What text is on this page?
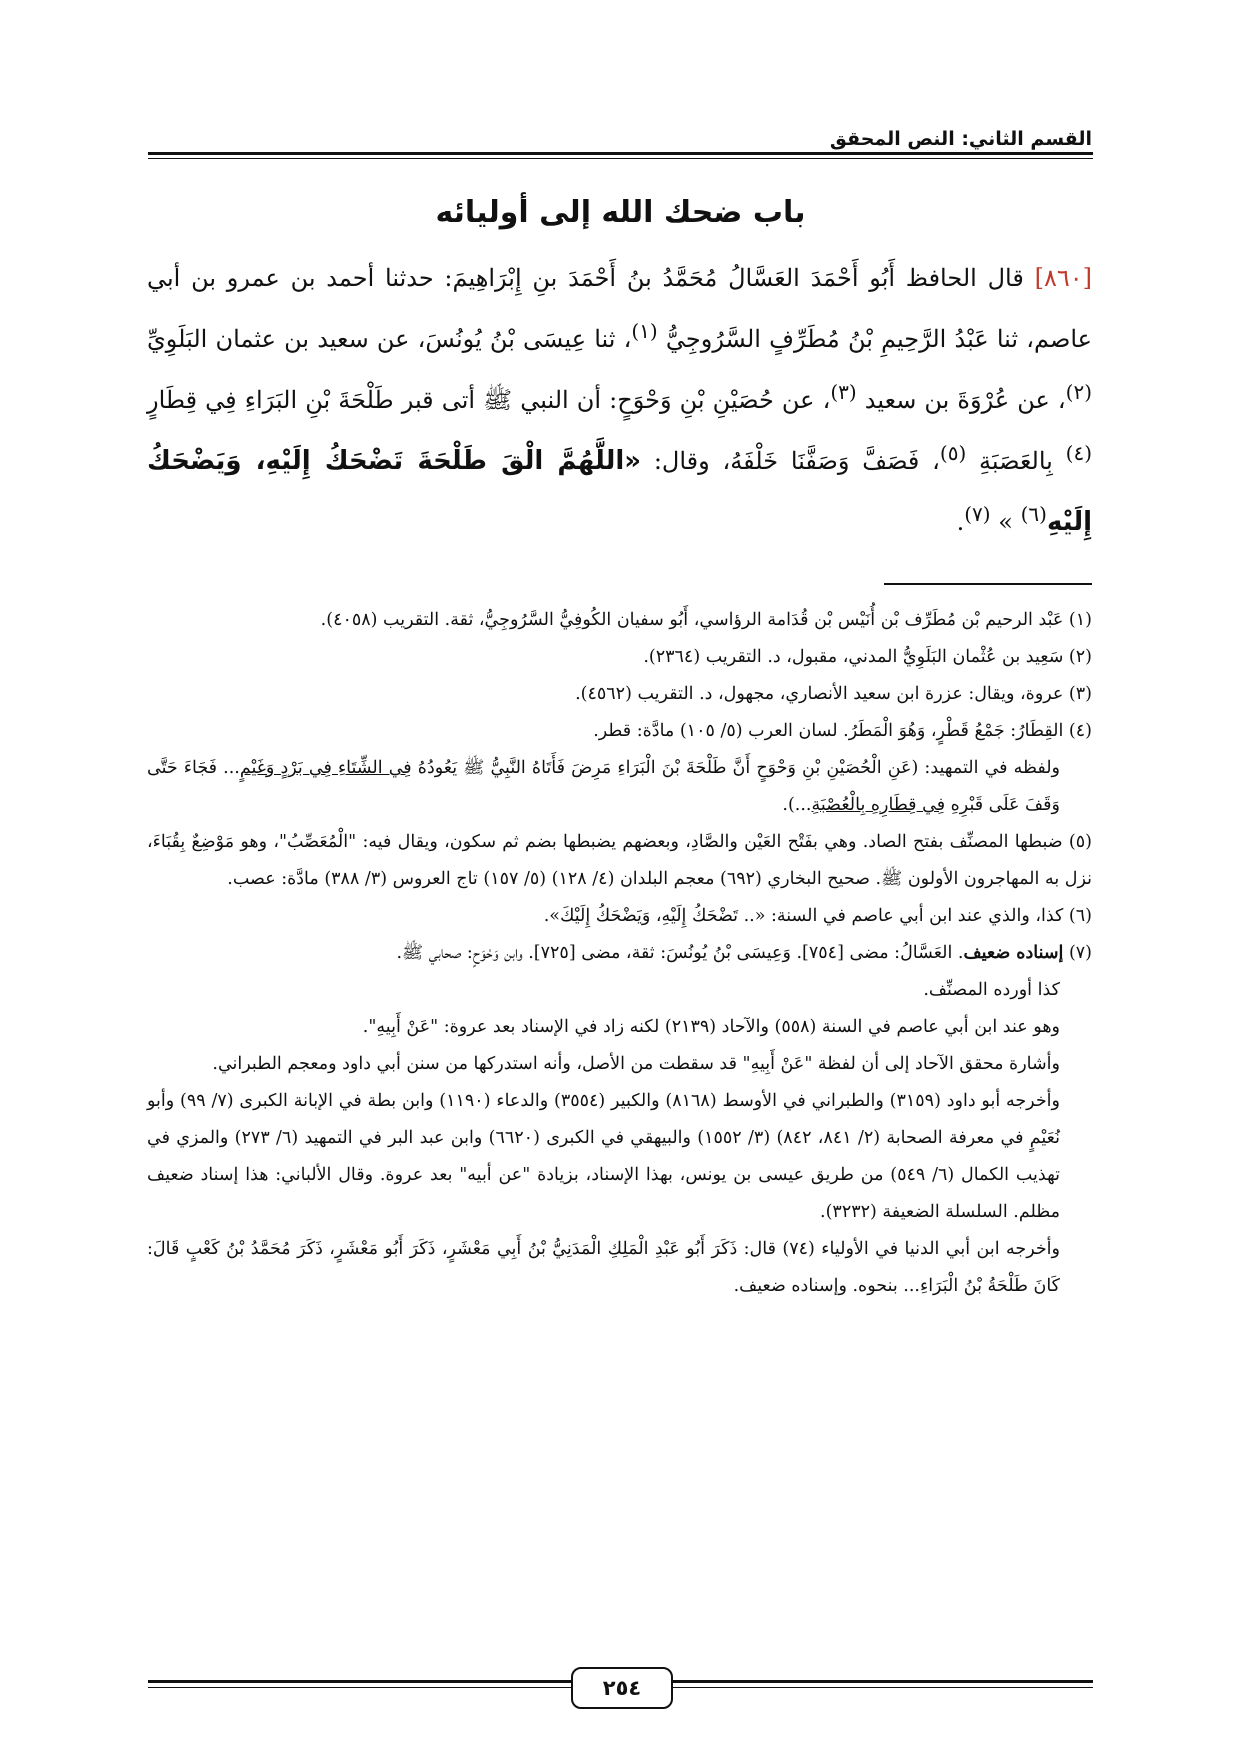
القسم الثاني: النص المحقق
باب ضحك الله إلى أوليائه
[٨٦٠] قال الحافظ أَبُو أَحْمَدَ العَسَّالُ مُحَمَّدُ بنُ أَحْمَدَ بنِ إِبْرَاهِيمَ: حدثنا أحمد بن عمرو بن أبي عاصم، ثنا عَبْدُ الرَّحِيمِ بْنُ مُطَرِّفٍ السَّرُوجِيُّ $^{(١)}$، ثنا عِيسَى بْنُ يُونُسَ، عن سعيد بن عثمان البَلَوِيِّ $^{(٢)}$، عن عُرْوَةَ بن سعيد $^{(٣)}$، عن حُصَيْنِ بْنِ وَحْوَحٍ: أن النبي ﷺ أتى قبر طَلْحَةَ بْنِ البَرَاءِ فِي قِطَارٍ $^{(٤)}$ بِالعَصَبَةِ $^{(٥)}$، فَصَفَّ وَصَفَّنَا خَلْفَهُ، وقال: «اللَّهُمَّ الْقَ طَلْحَةَ تَضْحَكُ إِلَيْهِ، وَيَضْحَكُ إِلَيْهِ$^{(٦)}$ » $^{(٧)}$.

(١) عَبْد الرحيم بْن مُطَرِّف بْن أُنَيْس بْن قُدَامة الرؤاسي، أَبُو سفيان الكُوفِيُّ السَّرُوجِيُّ، ثقة. التقريب (٤٠٥٨).

(٢) سَعِيد بن عُثْمان البَلَوِيُّ المدني، مقبول، د. التقريب (٢٣٦٤).

(٣) عروة، ويقال: عزرة ابن سعيد الأنصاري، مجهول، د. التقريب (٤٥٦٢).

(٤) القِطَارُ: جَمْعُ قَطْرٍ، وَهُوَ الْمَطَرُ. لسان العرب (٥/ ١٠٥) مادَّة: قطر.

ولفظه في التمهيد: (عَنِ الْحُصَيْنِ بْنِ وَحْوَحٍ أَنَّ طَلْحَةَ بْنَ الْبَرَاءِ مَرِضَ فَأَتَاهُ النَّبِيُّ ﷺ يَعُودُهُ فِي الشِّتَاءِ فِي بَرْدٍ وَغَيْمٍ... فَجَاءَ حَتَّى وَقَفَ عَلَى قَبْرِهِ فِي قِطَارِهِ بِالْعُصْبَةِ...).

(٥) ضبطها المصنِّف بفتح الصاد. وهي بفَتْح العَيْن والصَّادِ، وبعضهم يضبطها بضم ثم سكون، ويقال فيه: "الْمُعَصِّبُ"، وهو مَوْضِعٌ بِقُبَاءَ، نزل به المهاجرون الأولون ﷺ. صحيح البخاري (٦٩٢) معجم البلدان (٤/ ١٢٨) (٥/ ١٥٧) تاج العروس (٣/ ٣٨٨) مادَّة: عصب.

(٦) كذا، والذي عند ابن أبي عاصم في السنة: «.. تَضْحَكُ إِلَيْهِ، وَيَضْحَكُ إِلَيْكَ».

(٧) إسناده ضعيف. العَسَّالُ: مضى [٧٥٤]. وَعِيسَى بْنُ يُونُسَ: ثقة، مضى [٧٢٥]. وابن وَحْوَحٍ: صحابي ﷺ.

كذا أورده المصنِّف.

وهو عند ابن أبي عاصم في السنة (٥٥٨) والآحاد (٢١٣٩) لكنه زاد في الإسناد بعد عروة: "عَنْ أَبِيهِ".

وأشارة محقق الآحاد إلى أن لفظة "عَنْ أَبِيهِ" قد سقطت من الأصل، وأنه استدركها من سنن أبي داود ومعجم الطبراني.

وأخرجه أبو داود (٣١٥٩) والطبراني في الأوسط (٨١٦٨) والكبير (٣٥٥٤) والدعاء (١١٩٠) وابن بطة في الإبانة الكبرى (٧/ ٩٩) وأبو نُعَيْمٍ في معرفة الصحابة (٢/ ٨٤١، ٨٤٢) (٣/ ١٥٥٢) والبيهقي في الكبرى (٦٦٢٠) وابن عبد البر في التمهيد (٦/ ٢٧٣) والمزي في تهذيب الكمال (٦/ ٥٤٩) من طريق عيسى بن يونس، بهذا الإسناد، بزيادة "عن أبيه" بعد عروة. وقال الألباني: هذا إسناد ضعيف مظلم. السلسلة الضعيفة (٣٢٣٢).

وأخرجه ابن أبي الدنيا في الأولياء (٧٤) قال: ذَكَرَ أَبُو عَبْدِ الْمَلِكِ الْمَدَنِيُّ بْنُ أَبِي مَعْشَرٍ، ذَكَرَ أَبُو مَعْشَرٍ، ذَكَرَ مُحَمَّدُ بْنُ كَعْبٍ قَالَ: كَانَ طَلْحَةُ بْنُ الْبَرَاءِ... بنحوه. وإسناده ضعيف.

٢٥٤
